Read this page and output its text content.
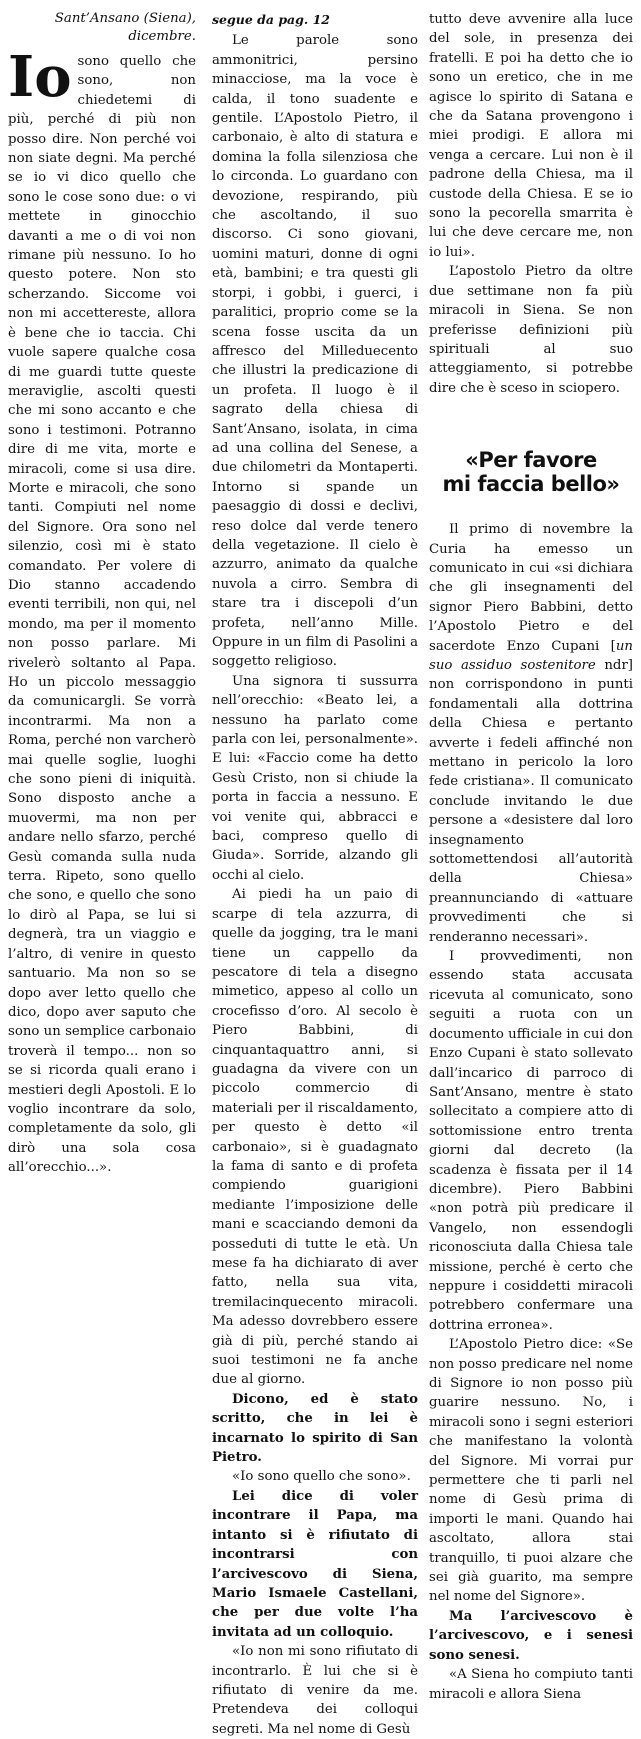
Sant’Ansano (Siena),
dicembre.

Io sono quello che sono, non chiedetemi di più, perché di più non posso dire. Non perché voi non siate degni. Ma perché se io vi dico quello che sono le cose sono due: o vi mettete in ginocchio davanti a me o di voi non rimane più nessuno. Io ho questo potere. Non sto scherzando. Siccome voi non mi accettereste, allora è bene che io taccia. Chi vuole sapere qualche cosa di me guardi tutte queste meraviglie, ascolti questi che mi sono accanto e che sono i testimoni. Potranno dire di me vita, morte e miracoli, come si usa dire. Morte e miracoli, che sono tanti. Compiuti nel nome del Signore. Ora sono nel silenzio, così mi è stato comandato. Per volere di Dio stanno accadendo eventi terribili, non qui, nel mondo, ma per il momento non posso parlare. Mi rivelerò soltanto al Papa. Ho un piccolo messaggio da comunicargli. Se vorrà incontrarmi. Ma non a Roma, perché non varcherò mai quelle soglie, luoghi che sono pieni di iniquità. Sono disposto anche a muovermi, ma non per andare nello sfarzo, perché Gesù comanda sulla nuda terra. Ripeto, sono quello che sono, e quello che sono lo dirò al Papa, se lui si degnerà, tra un viaggio e l’altro, di venire in questo santuario. Ma non so se dopo aver letto quello che dico, dopo aver saputo che sono un semplice carbonaio troverà il tempo... non so se si ricorda quali erano i mestieri degli Apostoli. E lo voglio incontrare da solo, completamente da solo, gli dirò una sola cosa all’orecchio...».

segue da pag. 12

Le parole sono ammonitrici, persino minacciose, ma la voce è calda, il tono suadente e gentile. L’Apostolo Pietro, il carbonaio, è alto di statura e domina la folla silenziosa che lo circonda. Lo guardano con devozione, respirando, più che ascoltando, il suo discorso. Ci sono giovani, uomini maturi, donne di ogni età, bambini; e tra questi gli storpi, i gobbi, i guerci, i paralitici, proprio come se la scena fosse uscita da un affresco del Milleduecento che illustri la predicazione di un profeta. Il luogo è il sagrato della chiesa di Sant’Ansano, isolata, in cima ad una collina del Senese, a due chilometri da Montaperti. Intorno si spande un paesaggio di dossi e declivi, reso dolce dal verde tenero della vegetazione. Il cielo è azzurro, animato da qualche nuvola a cirro. Sembra di stare tra i discepoli d’un profeta, nell’anno Mille. Oppure in un film di Pasolini a soggetto religioso.

Una signora ti sussurra nell’orecchio: «Beato lei, a nessuno ha parlato come parla con lei, personalmente». E lui: «Faccio come ha detto Gesù Cristo, non si chiude la porta in faccia a nessuno. E voi venite qui, abbracci e baci, compreso quello di Giuda». Sorride, alzando gli occhi al cielo.

Ai piedi ha un paio di scarpe di tela azzurra, di quelle da jogging, tra le mani tiene un cappello da pescatore di tela a disegno mimetico, appeso al collo un crocefisso d’oro. Al secolo è Piero Babbini, di cinquantaquattro anni, si guadagna da vivere con un piccolo commercio di materiali per il riscaldamento, per questo è detto «il carbonaio», si è guadagnato la fama di santo e di profeta compiendo guarigioni mediante l’imposizione delle mani e scacciando demoni da posseduti di tutte le età. Un mese fa ha dichiarato di aver fatto, nella sua vita, tremilacinquecento miracoli. Ma adesso dovrebbero essere già di più, perché stando ai suoi testimoni ne fa anche due al giorno.

Dicono, ed è stato scritto, che in lei è incarnato lo spirito di San Pietro.

«Io sono quello che sono».

Lei dice di voler incontrare il Papa, ma intanto si è rifiutato di incontrarsi con l’arcivescovo di Siena, Mario Ismaele Castellani, che per due volte l’ha invitata ad un colloquio.

«Io non mi sono rifiutato di incontrarlo. È lui che si è rifiutato di venire da me. Pretendeva dei colloqui segreti. Ma nel nome di Gesù

tutto deve avvenire alla luce del sole, in presenza dei fratelli. E poi ha detto che io sono un eretico, che in me agisce lo spirito di Satana e che da Satana provengono i miei prodigi. E allora mi venga a cercare. Lui non è il padrone della Chiesa, ma il custode della Chiesa. E se io sono la pecorella smarrita è lui che deve cercare me, non io lui».

L’apostolo Pietro da oltre due settimane non fa più miracoli in Siena. Se non preferisse definizioni più spirituali al suo atteggiamento, si potrebbe dire che è sceso in sciopero.

«Per favore
mi faccia bello»

Il primo di novembre la Curia ha emesso un comunicato in cui «si dichiara che gli insegnamenti del signor Piero Babbini, detto l’Apostolo Pietro e del sacerdote Enzo Cupani [un suo assiduo sostenitore ndr] non corrispondono in punti fondamentali alla dottrina della Chiesa e pertanto avverte i fedeli affinché non mettano in pericolo la loro fede cristiana». Il comunicato conclude invitando le due persone a «desistere dal loro insegnamento sottomettendosi all’autorità della Chiesa» preannunciando di «attuare provvedimenti che si renderanno necessari».

I provvedimenti, non essendo stata accusata ricevuta al comunicato, sono seguiti a ruota con un documento ufficiale in cui don Enzo Cupani è stato sollevato dall’incarico di parroco di Sant’Ansano, mentre è stato sollecitato a compiere atto di sottomissione entro trenta giorni dal decreto (la scadenza è fissata per il 14 dicembre). Piero Babbini «non potrà più predicare il Vangelo, non essendogli riconosciuta dalla Chiesa tale missione, perché è certo che neppure i cosiddetti miracoli potrebbero confermare una dottrina erronea».

L’Apostolo Pietro dice: «Se non posso predicare nel nome di Signore io non posso più guarire nessuno. No, i miracoli sono i segni esteriori che manifestano la volontà del Signore. Mi vorrai pur permettere che ti parli nel nome di Gesù prima di importi le mani. Quando hai ascoltato, allora stai tranquillo, ti puoi alzare che sei già guarito, ma sempre nel nome del Signore».

Ma l’arcivescovo è l’arcivescovo, e i senesi sono senesi.

«A Siena ho compiuto tanti miracoli e allora Siena
